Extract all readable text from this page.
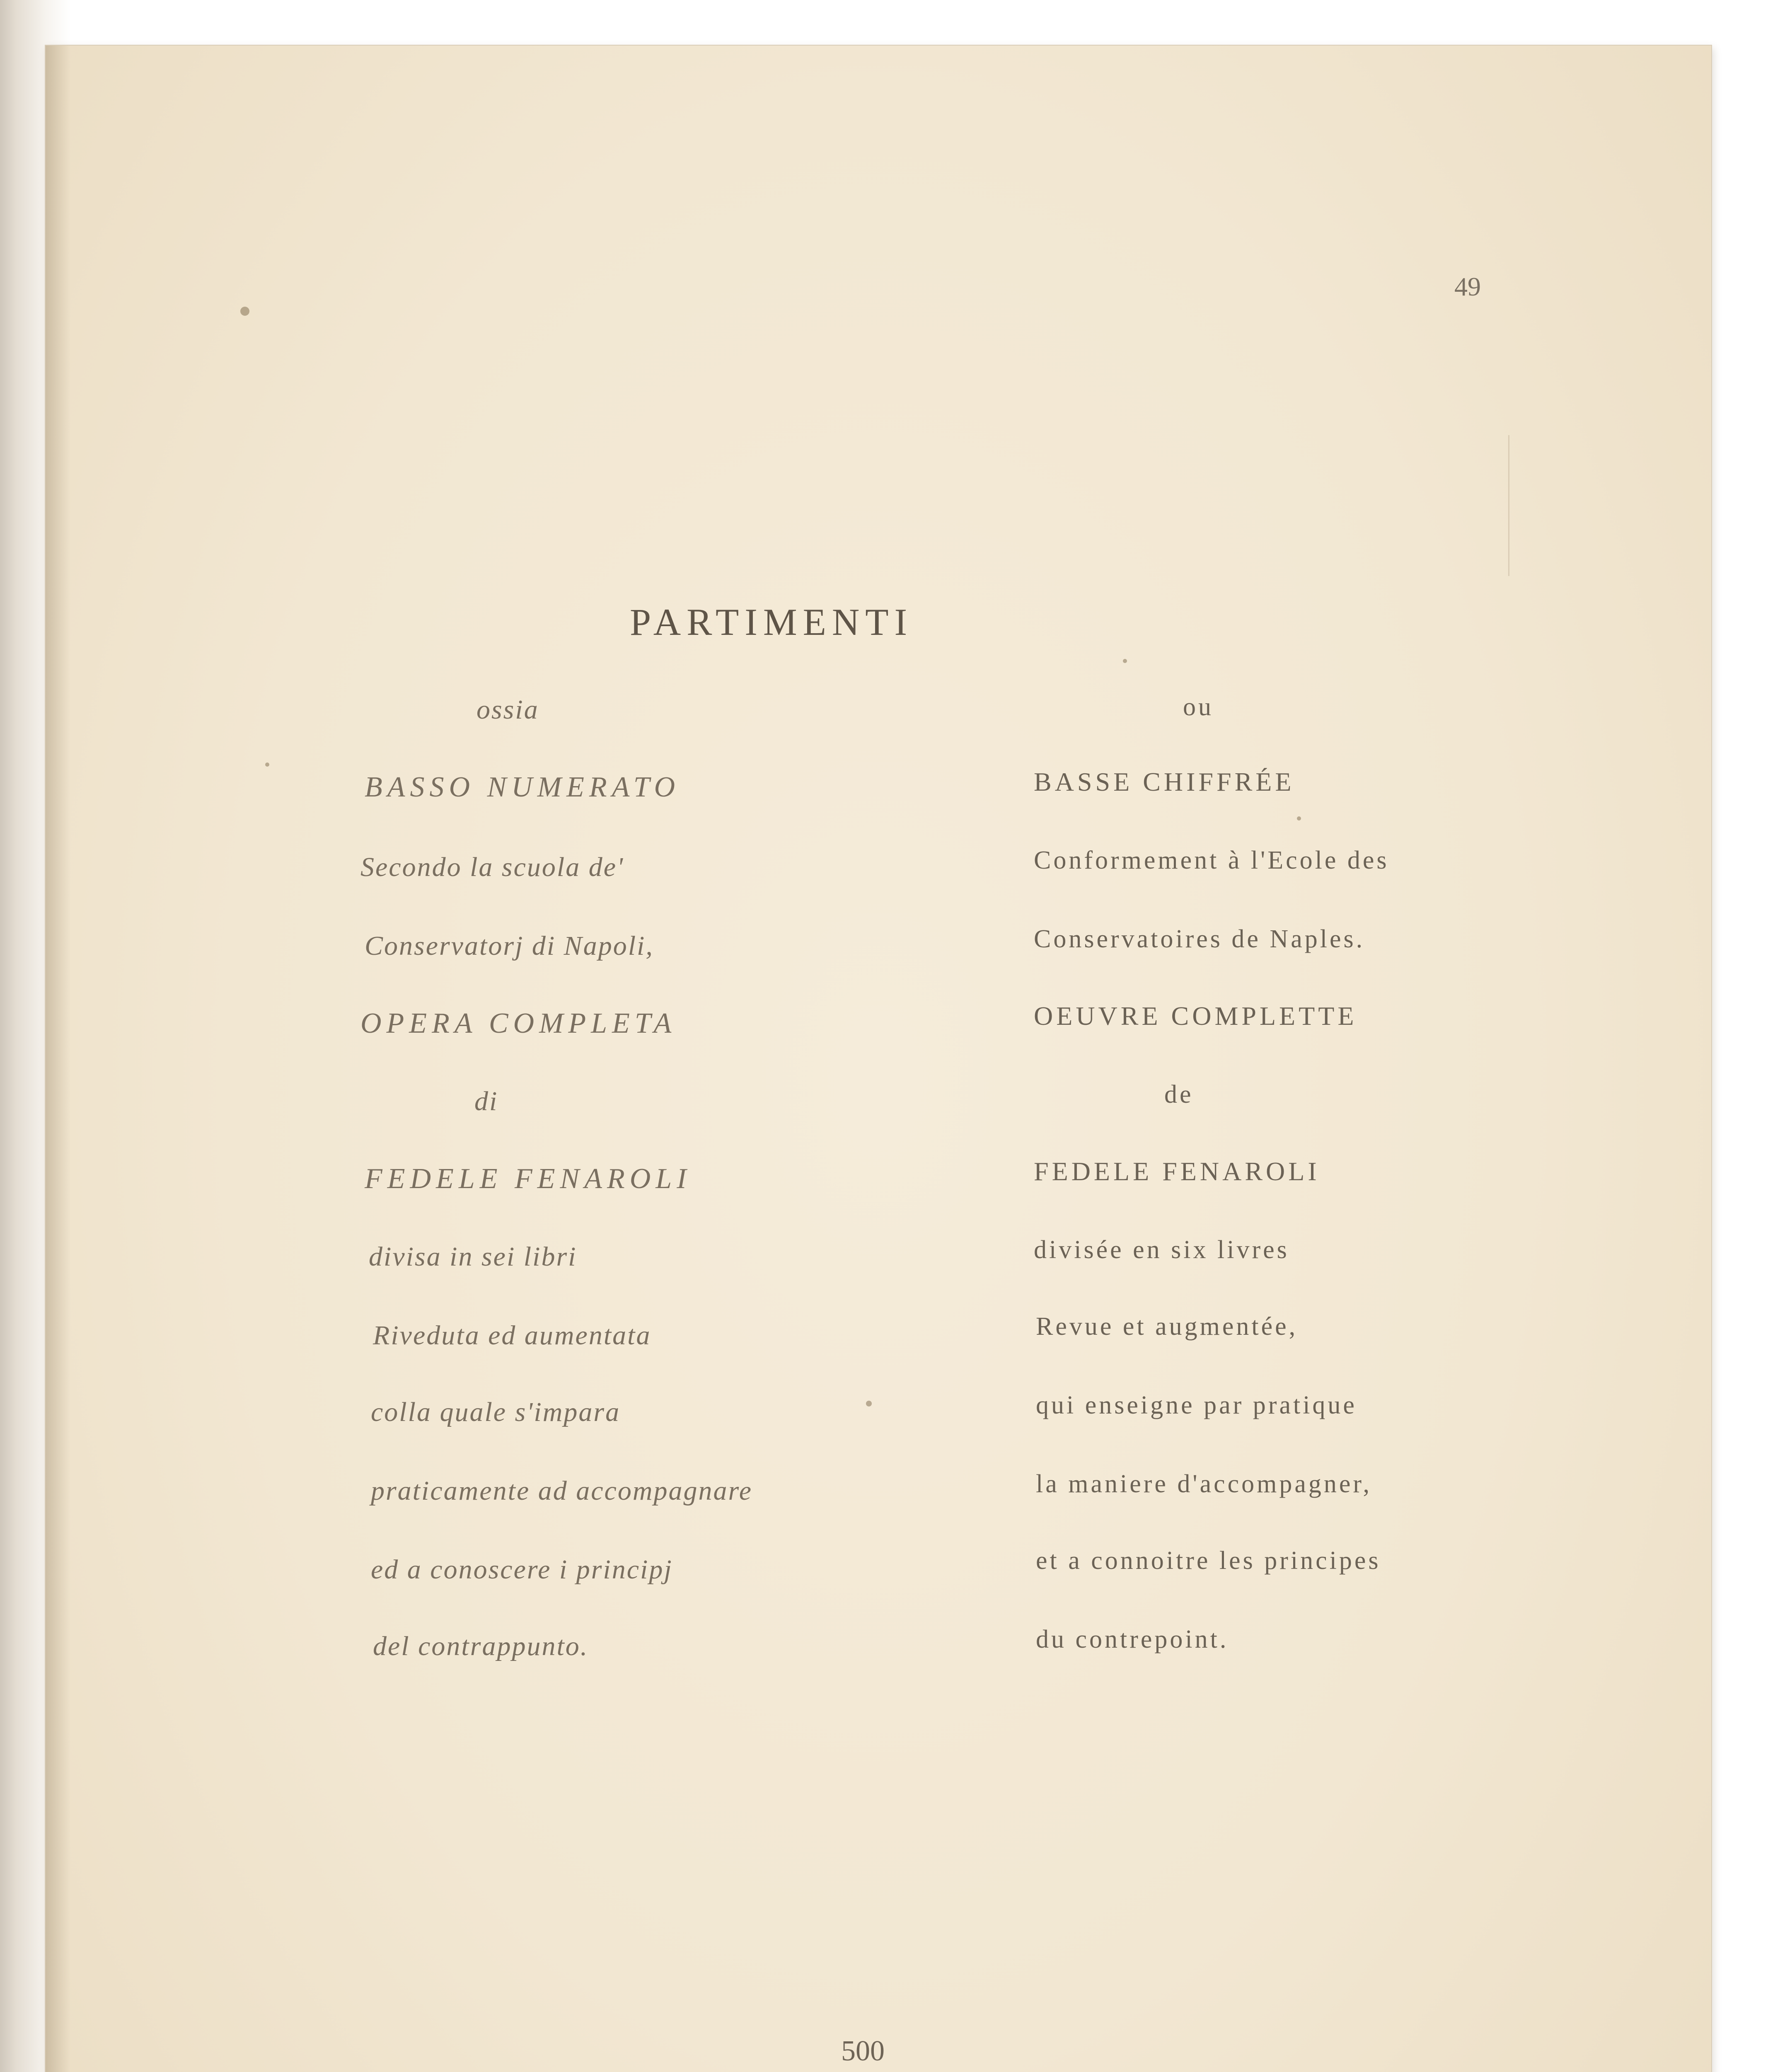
49
PARTIMENTI
ossia
BASSO NUMERATO
Secondo la scuola de'
Conservatorj di Napoli,
OPERA COMPLETA
di
FEDELE FENAROLI
divisa in sei libri
Riveduta ed aumentata
colla quale s'impara
praticamente ad accompagnare
ed a conoscere i principj
del contrappunto.
ou
BASSE CHIFFRÉE
Conformement à l'Ecole des
Conservatoires de Naples.
OEUVRE COMPLETTE
de
FEDELE FENAROLI
divisée en six livres
Revue et augmentée,
qui enseigne par pratique
la maniere d'accompagner,
et a connoitre les principes
du contrepoint.
500
